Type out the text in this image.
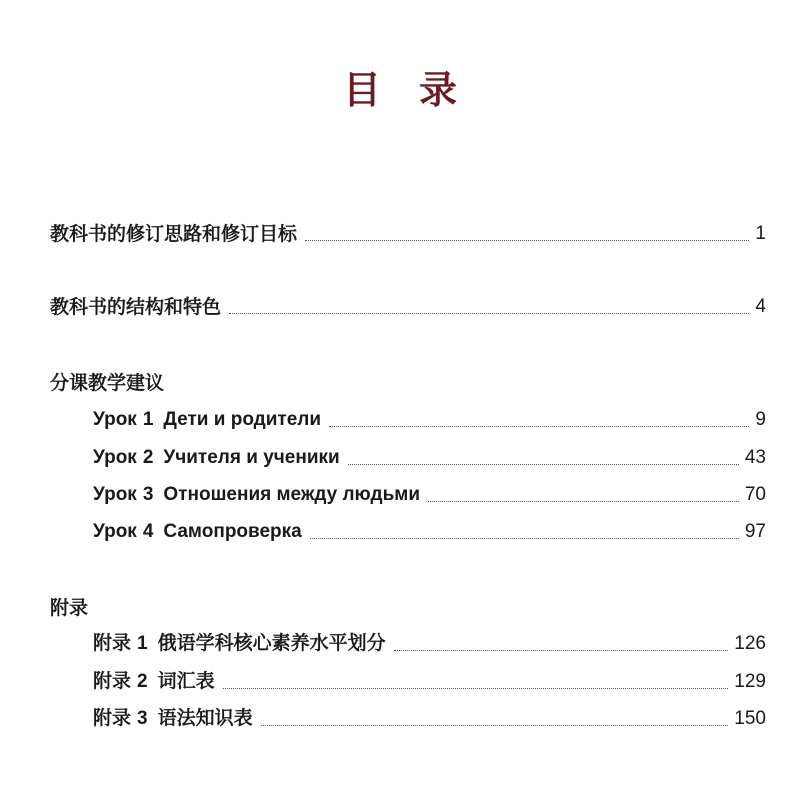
目 录
教科书的修订思路和修订目标	1
教科书的结构和特色	4
分课教学建议
Урок 1 Дети и родители	9
Урок 2 Учителя и ученики	43
Урок 3 Отношения между людьми	70
Урок 4 Самопроверка	97
附录
附录 1 俄语学科核心素养水平划分	126
附录 2 词汇表	129
附录 3 语法知识表	150
